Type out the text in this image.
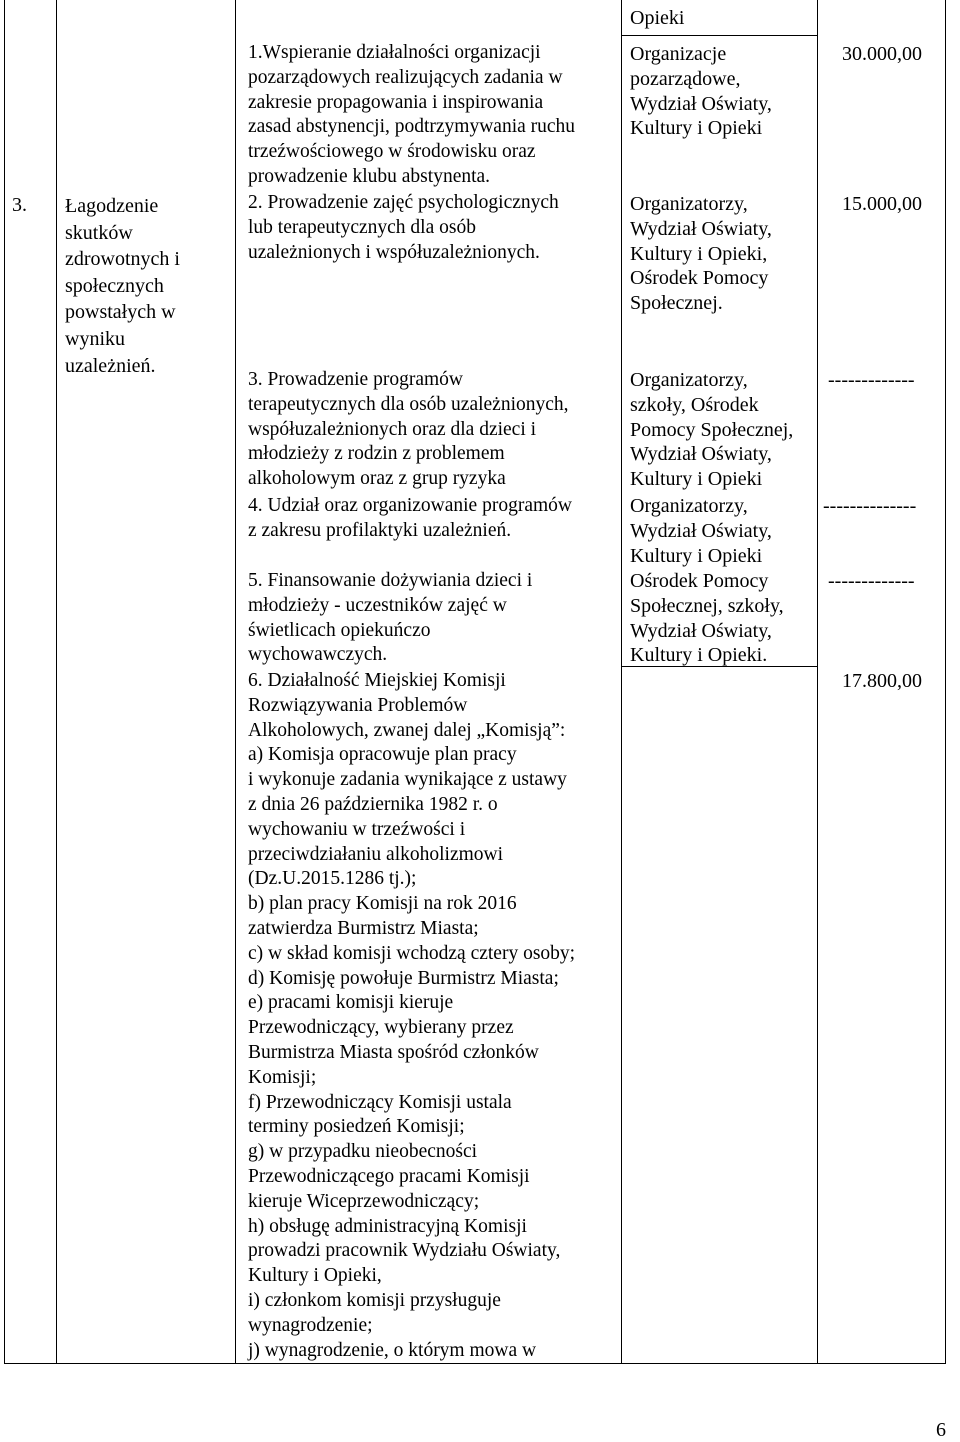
3. Łagodzenie
skutków
zdrowotnych i
społecznych
powstałych w
wyniku
uzależnień.
1.Wspieranie działalności organizacji
pozarządowych realizujących zadania w
zakresie propagowania i inspirowania
zasad abstynencji, podtrzymywania ruchu
trzeźwościowego w środowisku oraz
prowadzenie klubu abstynenta.
2. Prowadzenie zajęć psychologicznych
lub terapeutycznych dla osób
uzależnionych i współuzależnionych.
3. Prowadzenie programów
terapeutycznych dla osób uzależnionych,
współuzależnionych oraz dla dzieci i
młodzieży z rodzin z problemem
alkoholowym oraz z grup ryzyka
4. Udział oraz organizowanie programów
z zakresu profilaktyki uzależnień.
5. Finansowanie dożywiania dzieci i
młodzieży - uczestników zajęć w
świetlicach opiekuńczo
wychowawczych.
6. Działalność Miejskiej Komisji
Rozwiązywania Problemów
Alkoholowych, zwanej dalej „Komisją”:
a) Komisja opracowuje plan pracy
i wykonuje zadania wynikające z ustawy
z dnia 26 października 1982 r. o
wychowaniu w trzeźwości i
przeciwdziałaniu alkoholizmowi
(Dz.U.2015.1286 tj.);
b) plan pracy Komisji na rok 2016
zatwierdza Burmistrz Miasta;
c) w skład komisji wchodzą cztery osoby;
d) Komisję powołuje Burmistrz Miasta;
e) pracami komisji kieruje
Przewodniczący, wybierany przez
Burmistrza Miasta spośród członków
Komisji;
f) Przewodniczący Komisji ustala
terminy posiedzeń Komisji;
g) w przypadku nieobecności
Przewodniczącego pracami Komisji
kieruje Wiceprzewodniczący;
h) obsługę administracyjną Komisji
prowadzi pracownik Wydziału Oświaty,
Kultury i Opieki,
i) członkom komisji przysługuje
wynagrodzenie;
j) wynagrodzenie, o którym mowa w
Opieki
Organizacje
pozarządowe,
Wydział Oświaty,
Kultury i Opieki
Organizatorzy,
Wydział Oświaty,
Kultury i Opieki,
Ośrodek Pomocy
Społecznej.
Organizatorzy,
szkoły, Ośrodek
Pomocy Społecznej,
Wydział Oświaty,
Kultury i Opieki
Organizatorzy,
Wydział Oświaty,
Kultury i Opieki
Ośrodek Pomocy
Społecznej, szkoły,
Wydział Oświaty,
Kultury i Opieki.
30.000,00
15.000,00
-------------
--------------
-------------
17.800,00
6
